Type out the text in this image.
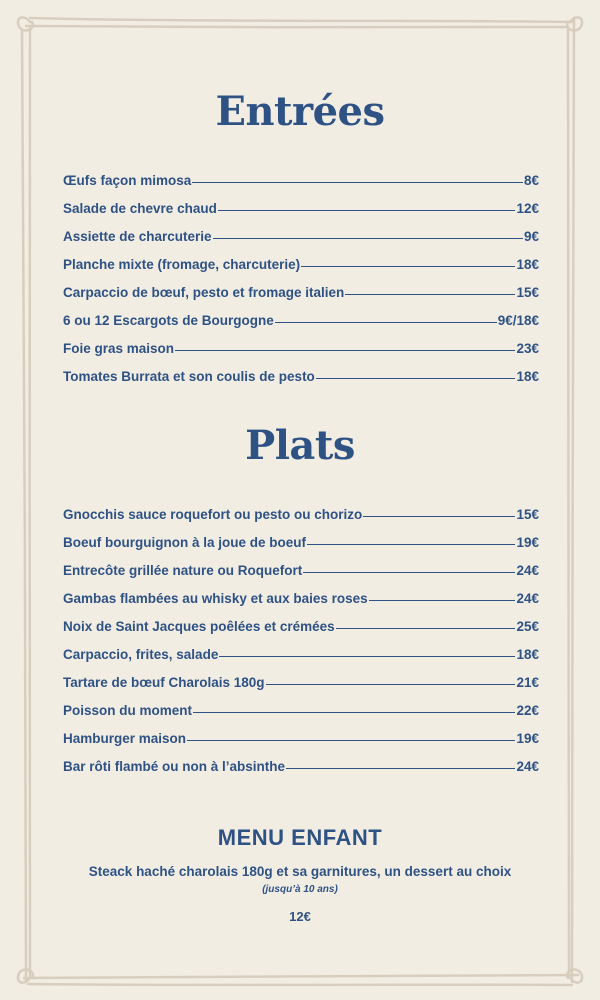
Entrées
Œufs façon mimosa	8€
Salade de chevre chaud	12€
Assiette de charcuterie	9€
Planche mixte (fromage, charcuterie)	18€
Carpaccio de bœuf, pesto et fromage italien	15€
6 ou 12 Escargots de Bourgogne	9€/18€
Foie gras maison	23€
Tomates Burrata et son coulis de pesto	18€
Plats
Gnocchis sauce roquefort ou pesto ou chorizo	15€
Boeuf bourguignon à la joue de boeuf	19€
Entrecôte grillée nature ou Roquefort	24€
Gambas flambées au whisky et aux baies roses	24€
Noix de Saint Jacques poêlées et crémées	25€
Carpaccio, frites, salade	18€
Tartare de bœuf Charolais 180g	21€
Poisson du moment	22€
Hamburger maison	19€
Bar rôti flambé ou non à l’absinthe	24€
MENU ENFANT
Steack haché charolais 180g et sa garnitures, un dessert au choix
(jusqu’à 10 ans)
12€
